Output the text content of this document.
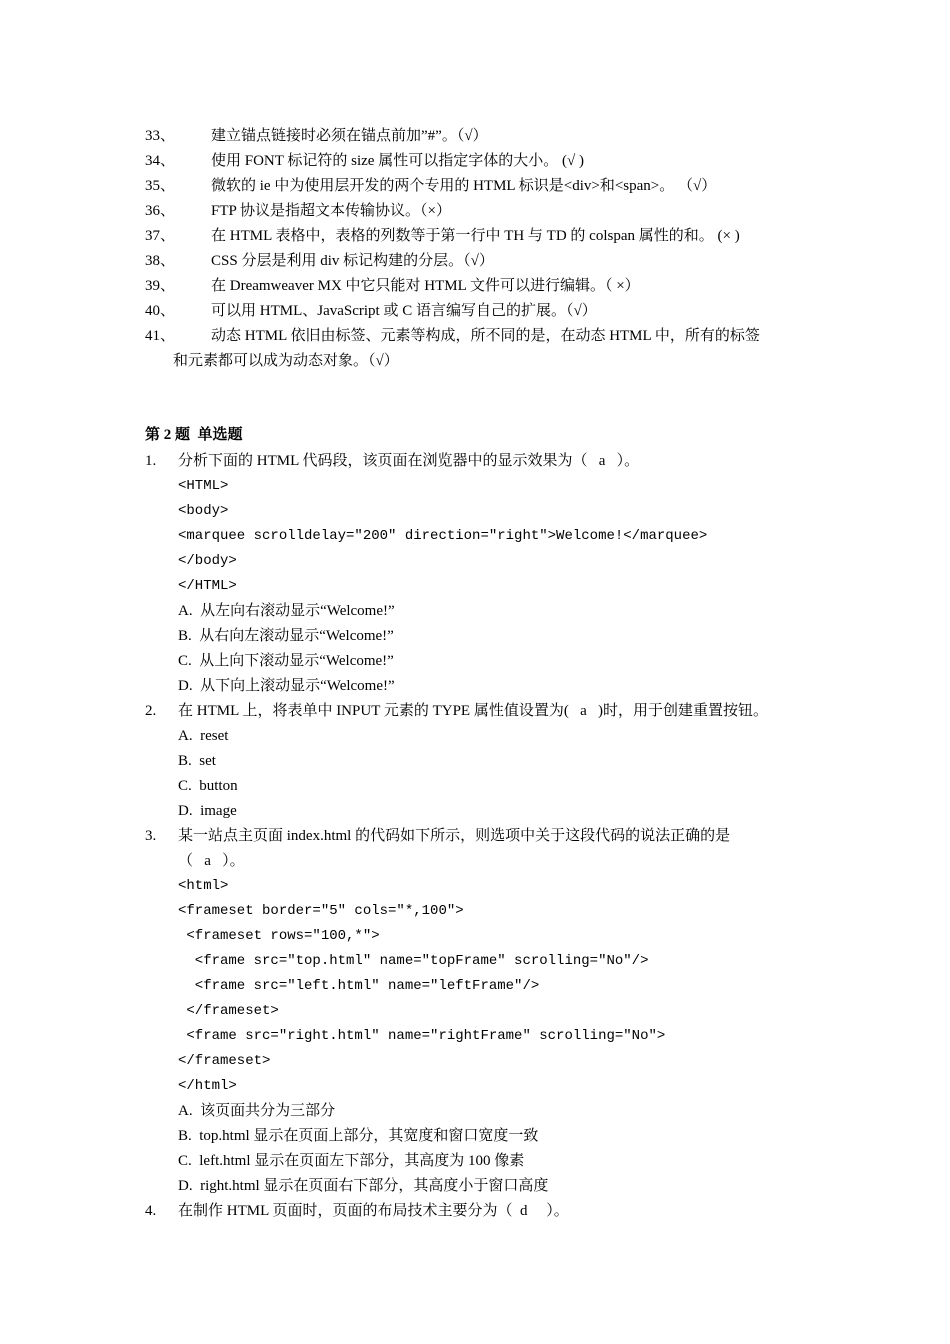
33、 建立锚点链接时必须在锚点前加”#”。（√）
34、 使用 FONT 标记符的 size 属性可以指定字体的大小。 (√ )
35、 微软的 ie 中为使用层开发的两个专用的 HTML 标识是<div>和<span>。 （√）
36、 FTP 协议是指超文本传输协议。（×）
37、 在 HTML 表格中，表格的列数等于第一行中 TH 与 TD 的 colspan 属性的和。 (× )
38、 CSS 分层是利用 div 标记构建的分层。（√）
39、 在 Dreamweaver MX 中它只能对 HTML 文件可以进行编辑。（ ×）
40、 可以用 HTML、JavaScript 或 C 语言编写自己的扩展。（√）
41、 动态 HTML 依旧由标签、元素等构成，所不同的是，在动态 HTML 中，所有的标签
和元素都可以成为动态对象。（√）
第 2 题  单选题
1. 分析下面的 HTML 代码段，该页面在浏览器中的显示效果为（   a   ）。
<HTML>
<body>
<marquee scrolldelay="200" direction="right">Welcome!</marquee>
</body>
</HTML>
A.  从左向右滚动显示“Welcome!”
B.  从右向左滚动显示“Welcome!”
C.  从上向下滚动显示“Welcome!”
D.  从下向上滚动显示“Welcome!”
2. 在 HTML 上，将表单中 INPUT 元素的 TYPE 属性值设置为(   a   )时，用于创建重置按钮。
A.  reset
B.  set
C.  button
D.  image
3. 某一站点主页面 index.html 的代码如下所示，则选项中关于这段代码的说法正确的是
（   a   ）。
<html>
<frameset border="5" cols="*,100">
<frameset rows="100,*">
<frame src="top.html" name="topFrame" scrolling="No"/>
<frame src="left.html" name="leftFrame"/>
</frameset>
<frame src="right.html" name="rightFrame" scrolling="No">
</frameset>
</html>
A.  该页面共分为三部分
B.  top.html 显示在页面上部分，其宽度和窗口宽度一致
C.  left.html 显示在页面左下部分，其高度为 100 像素
D.  right.html 显示在页面右下部分，其高度小于窗口高度
4. 在制作 HTML 页面时，页面的布局技术主要分为（  d     ）。
